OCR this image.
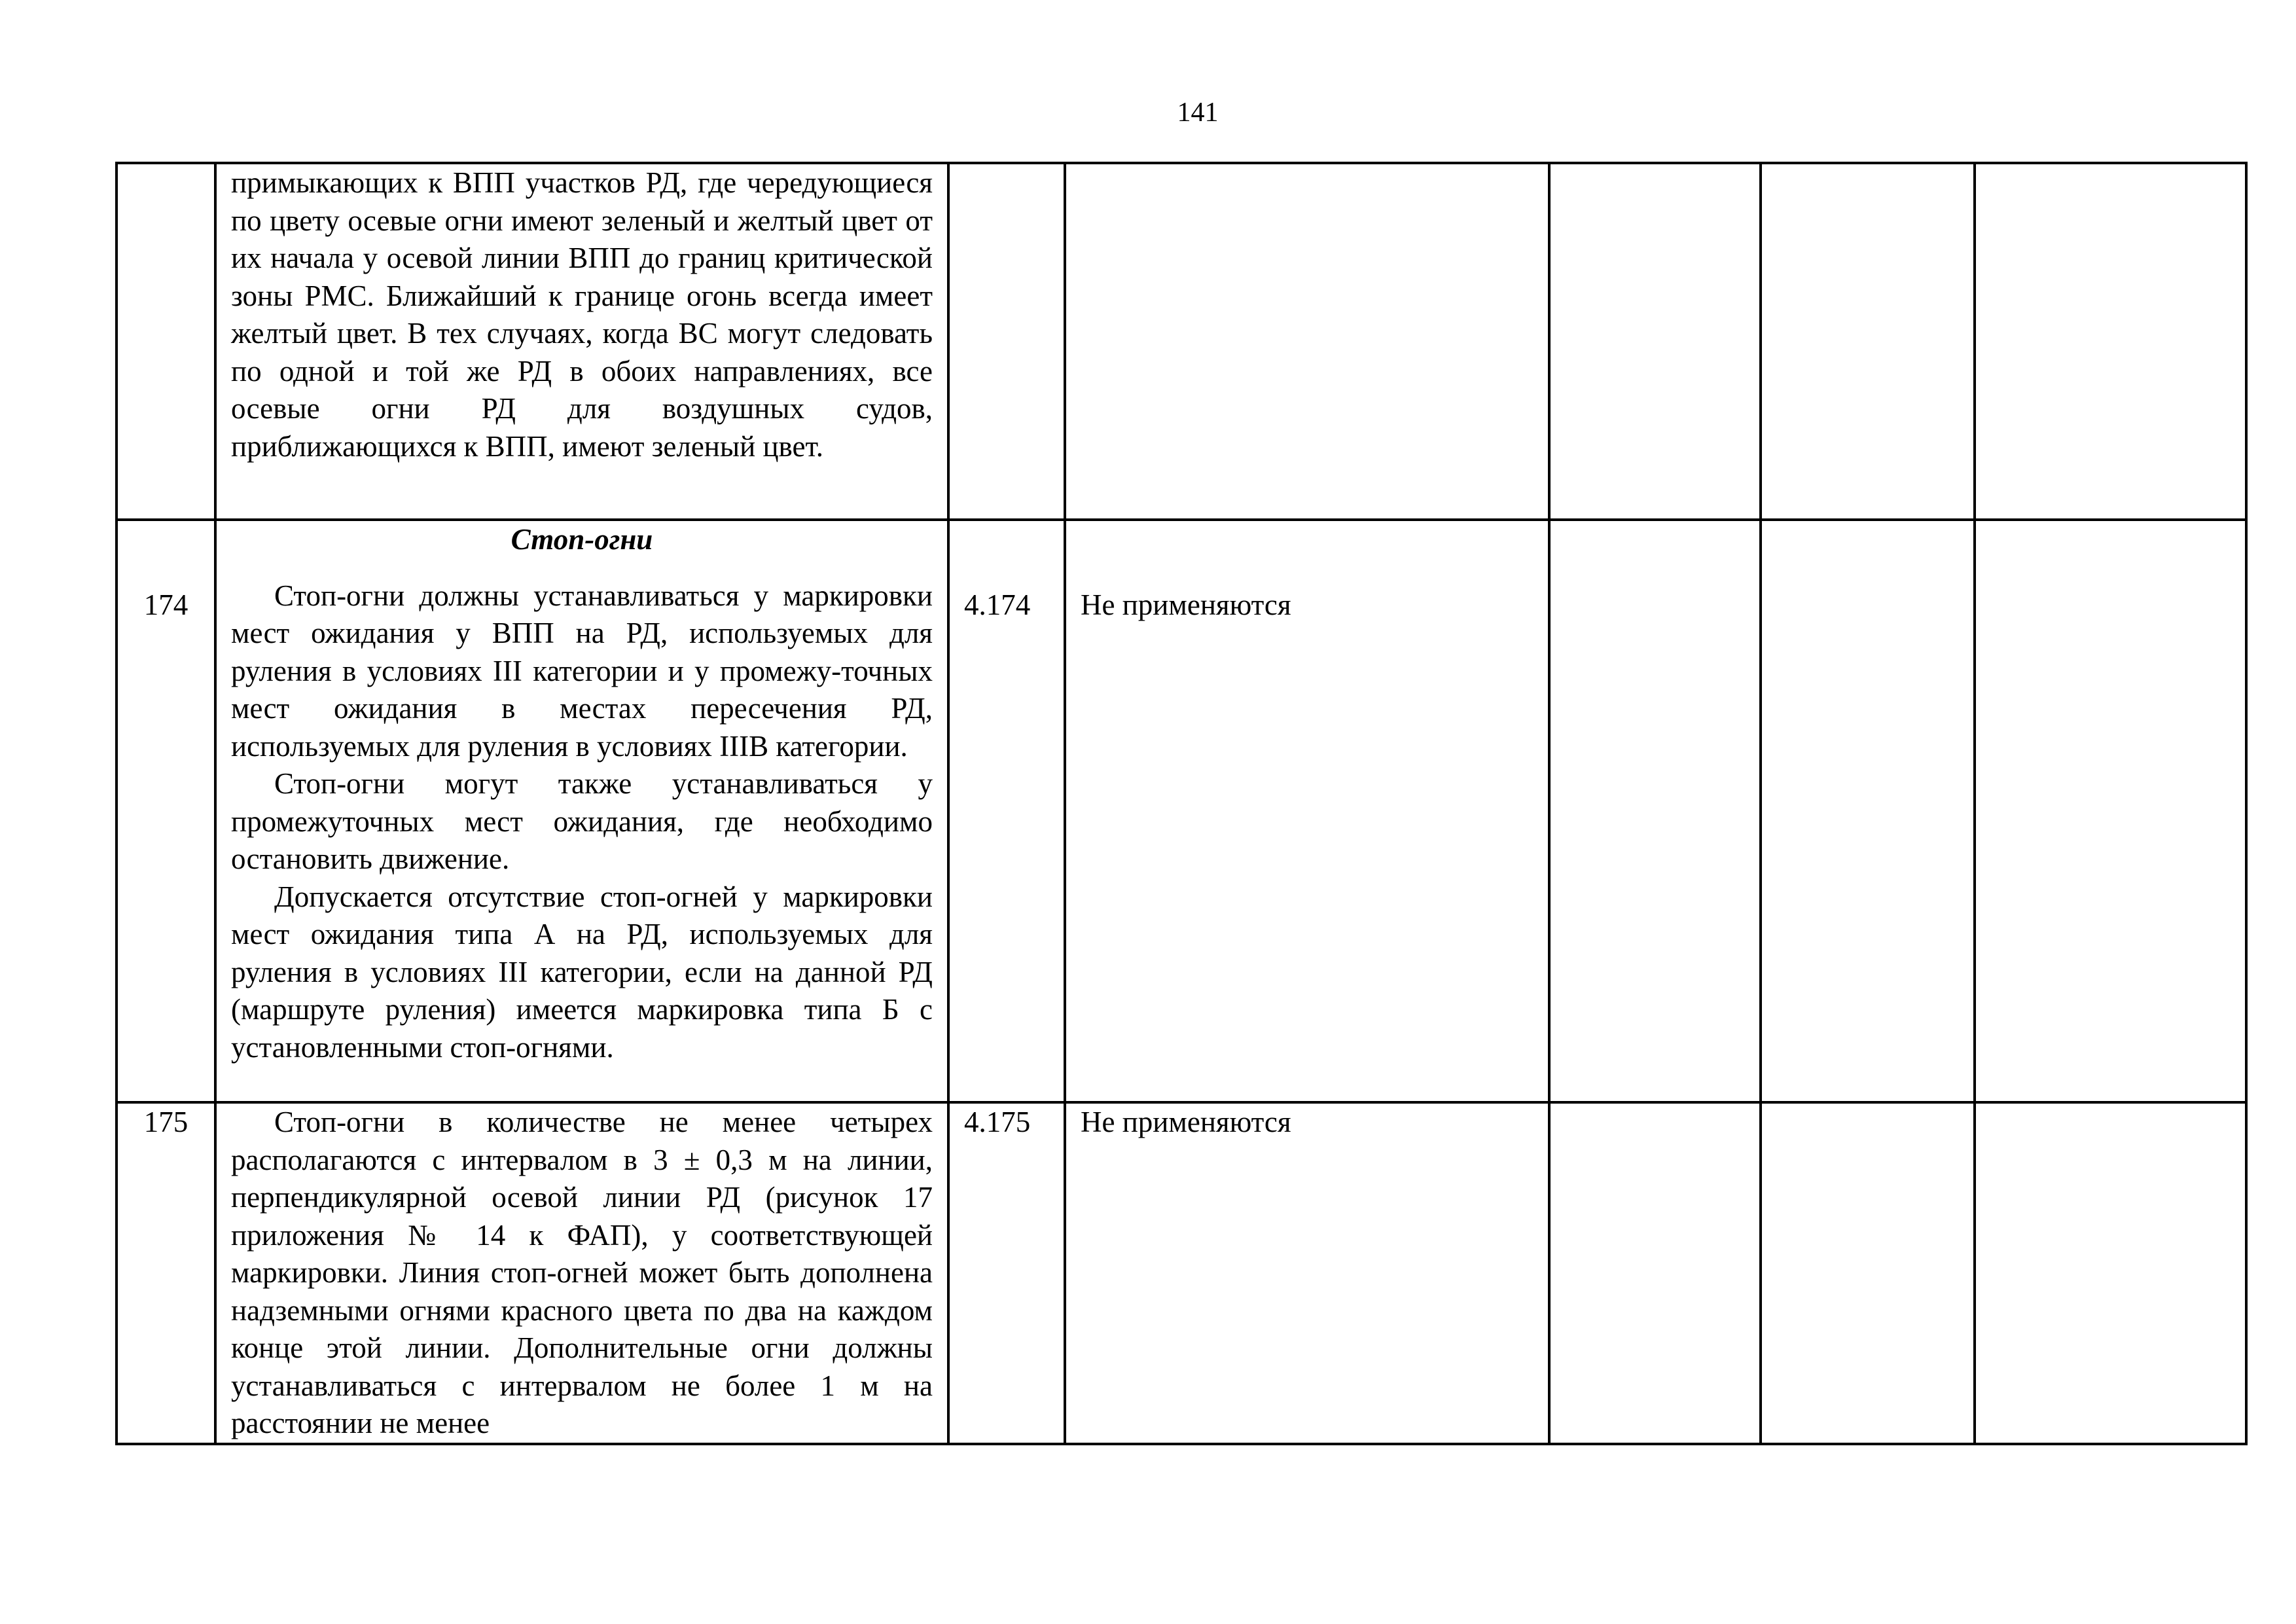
141

	примыкающих к ВПП участков РД, где чередующиеся по цвету осевые огни имеют зеленый и желтый цвет от их начала у осевой линии ВПП до границ критической зоны РМС. Ближайший к границе огонь всегда имеет желтый цвет. В тех случаях, когда ВС могут следовать по одной и той же РД в обоих направлениях, все осевые огни РД для воздушных судов, приближающихся к ВПП, имеют зеленый цвет.					

174	Стоп-огни
Стоп-огни должны устанавливаться у маркировки мест ожидания у ВПП на РД, используемых для руления в условиях III категории и у промежу-точных мест ожидания в местах пересечения РД, используемых для руления в условиях IIIВ категории.
Стоп-огни могут также устанавливаться у промежуточных мест ожидания, где необходимо остановить движение.
Допускается отсутствие стоп-огней у маркировки мест ожидания типа А на РД, используемых для руления в условиях III категории, если на данной РД (маршруте руления) имеется маркировка типа Б с установленными стоп-огнями.	4.174	Не применяются			

175	Стоп-огни в количестве не менее четырех располагаются с интервалом в 3 ± 0,3 м на линии, перпендикулярной осевой линии РД (рисунок 17 приложения № 14 к ФАП), у соответствующей маркировки. Линия стоп-огней может быть дополнена надземными огнями красного цвета по два на каждом конце этой линии. Дополнительные огни должны устанавливаться с интервалом не более 1 м на расстоянии не менее	4.175	Не применяются			
